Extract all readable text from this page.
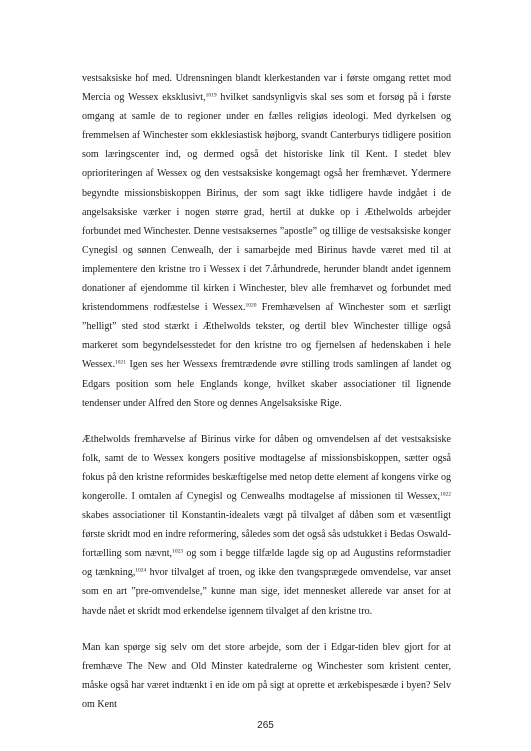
vestsaksiske hof med. Udrensningen blandt klerkestanden var i første omgang rettet mod Mercia og Wessex eksklusivt,$^{1019}$ hvilket sandsynligvis skal ses som et forsøg på i første omgang at samle de to regioner under en fælles religiøs ideologi. Med dyrkelsen og fremmelsen af Winchester som ekklesiastisk højborg, svandt Canterburys tidligere position som læringscenter ind, og dermed også det historiske link til Kent. I stedet blev oprioriteringen af Wessex og den vestsaksiske kongemagt også her fremhævet. Ydermere begyndte missionsbiskoppen Birinus, der som sagt ikke tidligere havde indgået i de angelsaksiske værker i nogen større grad, hertil at dukke op i Æthelwolds arbejder forbundet med Winchester. Denne vestsaksernes ”apostle” og tillige de vestsaksiske konger Cynegisl og sønnen Cenwealh, der i samarbejde med Birinus havde været med til at implementere den kristne tro i Wessex i det 7.århundrede, herunder blandt andet igennem donationer af ejendomme til kirken i Winchester, blev alle fremhævet og forbundet med kristendommens rodfæstelse i Wessex.$^{1020}$ Fremhævelsen af Winchester som et særligt ”helligt” sted stod stærkt i Æthelwolds tekster, og dertil blev Winchester tillige også markeret som begyndelsesstedet for den kristne tro og fjernelsen af hedenskaben i hele Wessex.$^{1021}$ Igen ses her Wessexs fremtrædende øvre stilling trods samlingen af landet og Edgars position som hele Englands konge, hvilket skaber associationer til lignende tendenser under Alfred den Store og dennes Angelsaksiske Rige.

Æthelwolds fremhævelse af Birinus virke for dåben og omvendelsen af det vestsaksiske folk, samt de to Wessex kongers positive modtagelse af missionsbiskoppen, sætter også fokus på den kristne reformides beskæftigelse med netop dette element af kongens virke og kongerolle. I omtalen af Cynegisl og Cenwealhs modtagelse af missionen til Wessex,$^{1022}$ skabes associationer til Konstantin-idealets vægt på tilvalget af dåben som et væsentligt første skridt mod en indre reformering, således som det også sås udstukket i Bedas Oswald-fortælling som nævnt,$^{1023}$ og som i begge tilfælde lagde sig op ad Augustins reformstadier og tænkning,$^{1024}$ hvor tilvalget af troen, og ikke den tvangsprægede omvendelse, var anset som en art ”pre-omvendelse,” kunne man sige, idet mennesket allerede var anset for at havde nået et skridt mod erkendelse igennem tilvalget af den kristne tro.

Man kan spørge sig selv om det store arbejde, som der i Edgar-tiden blev gjort for at fremhæve The New and Old Minster katedralerne og Winchester som kristent center, måske også har været indtænkt i en ide om på sigt at oprette et ærkebispesæde i byen? Selv om Kent

265
